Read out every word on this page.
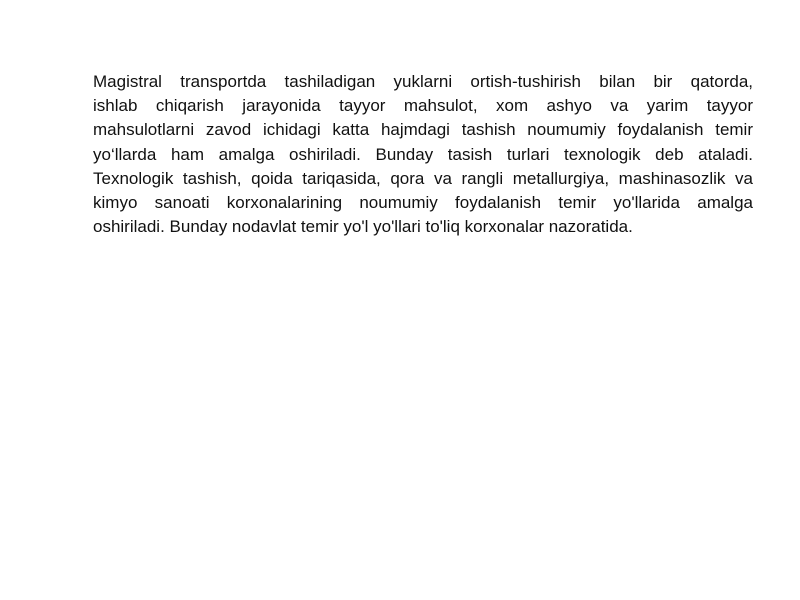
Magistral transportda tashiladigan yuklarni ortish-tushirish bilan bir qatorda,
ishlab chiqarish jarayonida tayyor mahsulot, xom ashyo va yarim tayyor
mahsulotlarni zavod ichidagi katta hajmdagi tashish noumumiy foydalanish temir
yo‘llarda ham amalga oshiriladi. Bunday tasish turlari texnologik deb ataladi.
Texnologik tashish, qoida tariqasida, qora va rangli metallurgiya, mashinasozlik va
kimyo sanoati korxonalarining noumumiy foydalanish temir yo'llarida amalga
oshiriladi. Bunday nodavlat temir yo'l yo'llari to'liq korxonalar nazoratida.
